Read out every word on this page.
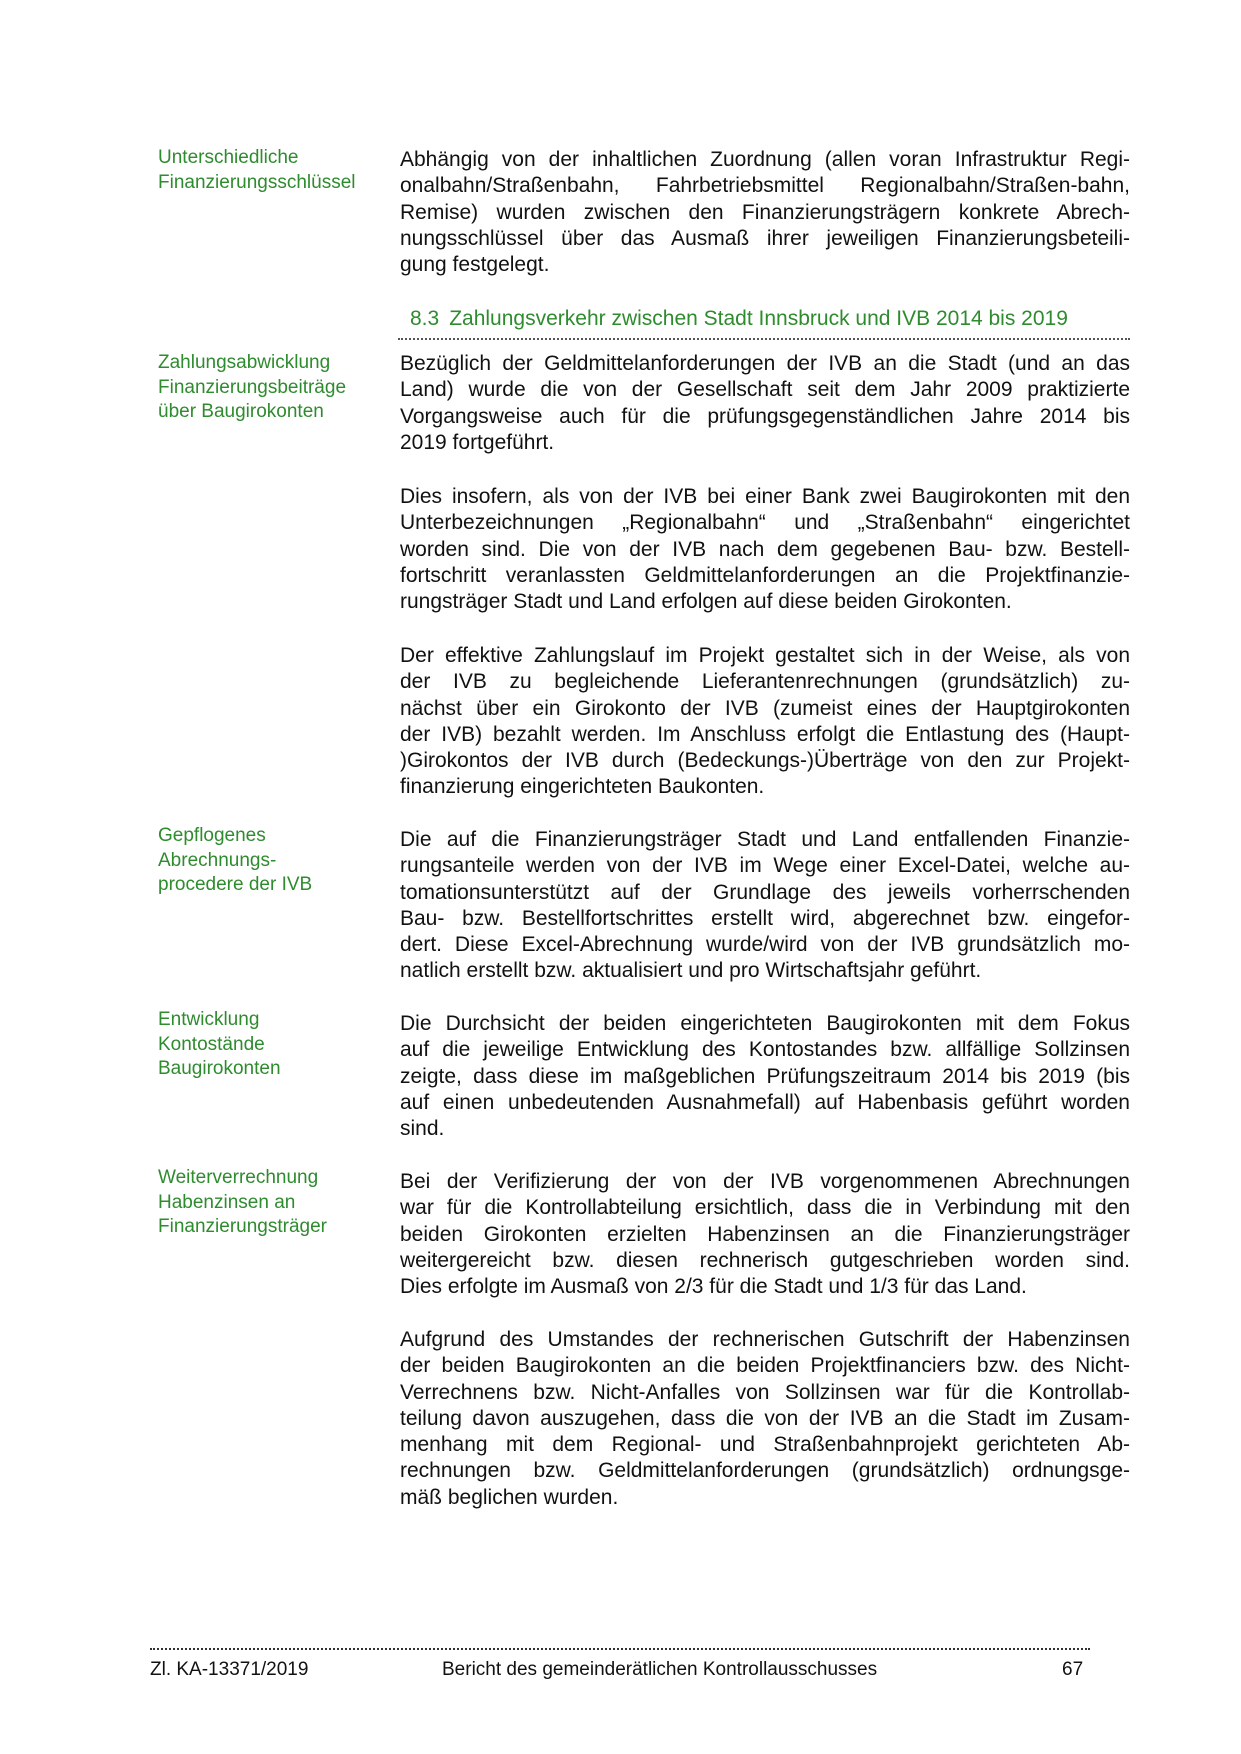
Unterschiedliche
Finanzierungsschlüssel
Zahlungsabwicklung
Finanzierungsbeiträge
über Baugirokonten
Gepflogenes
Abrechnungs-
procedere der IVB
Entwicklung
Kontostände
Baugirokonten
Weiterverrechnung
Habenzinsen an
Finanzierungsträger
Abhängig von der inhaltlichen Zuordnung (allen voran Infrastruktur Regi-
onalbahn/Straßenbahn, Fahrbetriebsmittel Regionalbahn/Straßen-bahn,
Remise) wurden zwischen den Finanzierungsträgern konkrete Abrech-
nungsschlüssel über das Ausmaß ihrer jeweiligen Finanzierungsbeteili-
gung festgelegt.
8.3 Zahlungsverkehr zwischen Stadt Innsbruck und IVB 2014 bis 2019
Bezüglich der Geldmittelanforderungen der IVB an die Stadt (und an das
Land) wurde die von der Gesellschaft seit dem Jahr 2009 praktizierte
Vorgangsweise auch für die prüfungsgegenständlichen Jahre 2014 bis
2019 fortgeführt.
Dies insofern, als von der IVB bei einer Bank zwei Baugirokonten mit den
Unterbezeichnungen „Regionalbahn“ und „Straßenbahn“ eingerichtet
worden sind. Die von der IVB nach dem gegebenen Bau- bzw. Bestell-
fortschritt veranlassten Geldmittelanforderungen an die Projektfinanzie-
rungsträger Stadt und Land erfolgen auf diese beiden Girokonten.
Der effektive Zahlungslauf im Projekt gestaltet sich in der Weise, als von
der IVB zu begleichende Lieferantenrechnungen (grundsätzlich) zu-
nächst über ein Girokonto der IVB (zumeist eines der Hauptgirokonten
der IVB) bezahlt werden. Im Anschluss erfolgt die Entlastung des (Haupt-
)Girokontos der IVB durch (Bedeckungs-)Überträge von den zur Projekt-
finanzierung eingerichteten Baukonten.
Die auf die Finanzierungsträger Stadt und Land entfallenden Finanzie-
rungsanteile werden von der IVB im Wege einer Excel-Datei, welche au-
tomationsunterstützt auf der Grundlage des jeweils vorherrschenden
Bau- bzw. Bestellfortschrittes erstellt wird, abgerechnet bzw. eingefor-
dert. Diese Excel-Abrechnung wurde/wird von der IVB grundsätzlich mo-
natlich erstellt bzw. aktualisiert und pro Wirtschaftsjahr geführt.
Die Durchsicht der beiden eingerichteten Baugirokonten mit dem Fokus
auf die jeweilige Entwicklung des Kontostandes bzw. allfällige Sollzinsen
zeigte, dass diese im maßgeblichen Prüfungszeitraum 2014 bis 2019 (bis
auf einen unbedeutenden Ausnahmefall) auf Habenbasis geführt worden
sind.
Bei der Verifizierung der von der IVB vorgenommenen Abrechnungen
war für die Kontrollabteilung ersichtlich, dass die in Verbindung mit den
beiden Girokonten erzielten Habenzinsen an die Finanzierungsträger
weitergereicht bzw. diesen rechnerisch gutgeschrieben worden sind.
Dies erfolgte im Ausmaß von 2/3 für die Stadt und 1/3 für das Land.
Aufgrund des Umstandes der rechnerischen Gutschrift der Habenzinsen
der beiden Baugirokonten an die beiden Projektfinanciers bzw. des Nicht-
Verrechnens bzw. Nicht-Anfalles von Sollzinsen war für die Kontrollab-
teilung davon auszugehen, dass die von der IVB an die Stadt im Zusam-
menhang mit dem Regional- und Straßenbahnprojekt gerichteten Ab-
rechnungen bzw. Geldmittelanforderungen (grundsätzlich) ordnungsge-
mäß beglichen wurden.
Zl. KA-13371/2019	Bericht des gemeinderätlichen Kontrollausschusses	67
